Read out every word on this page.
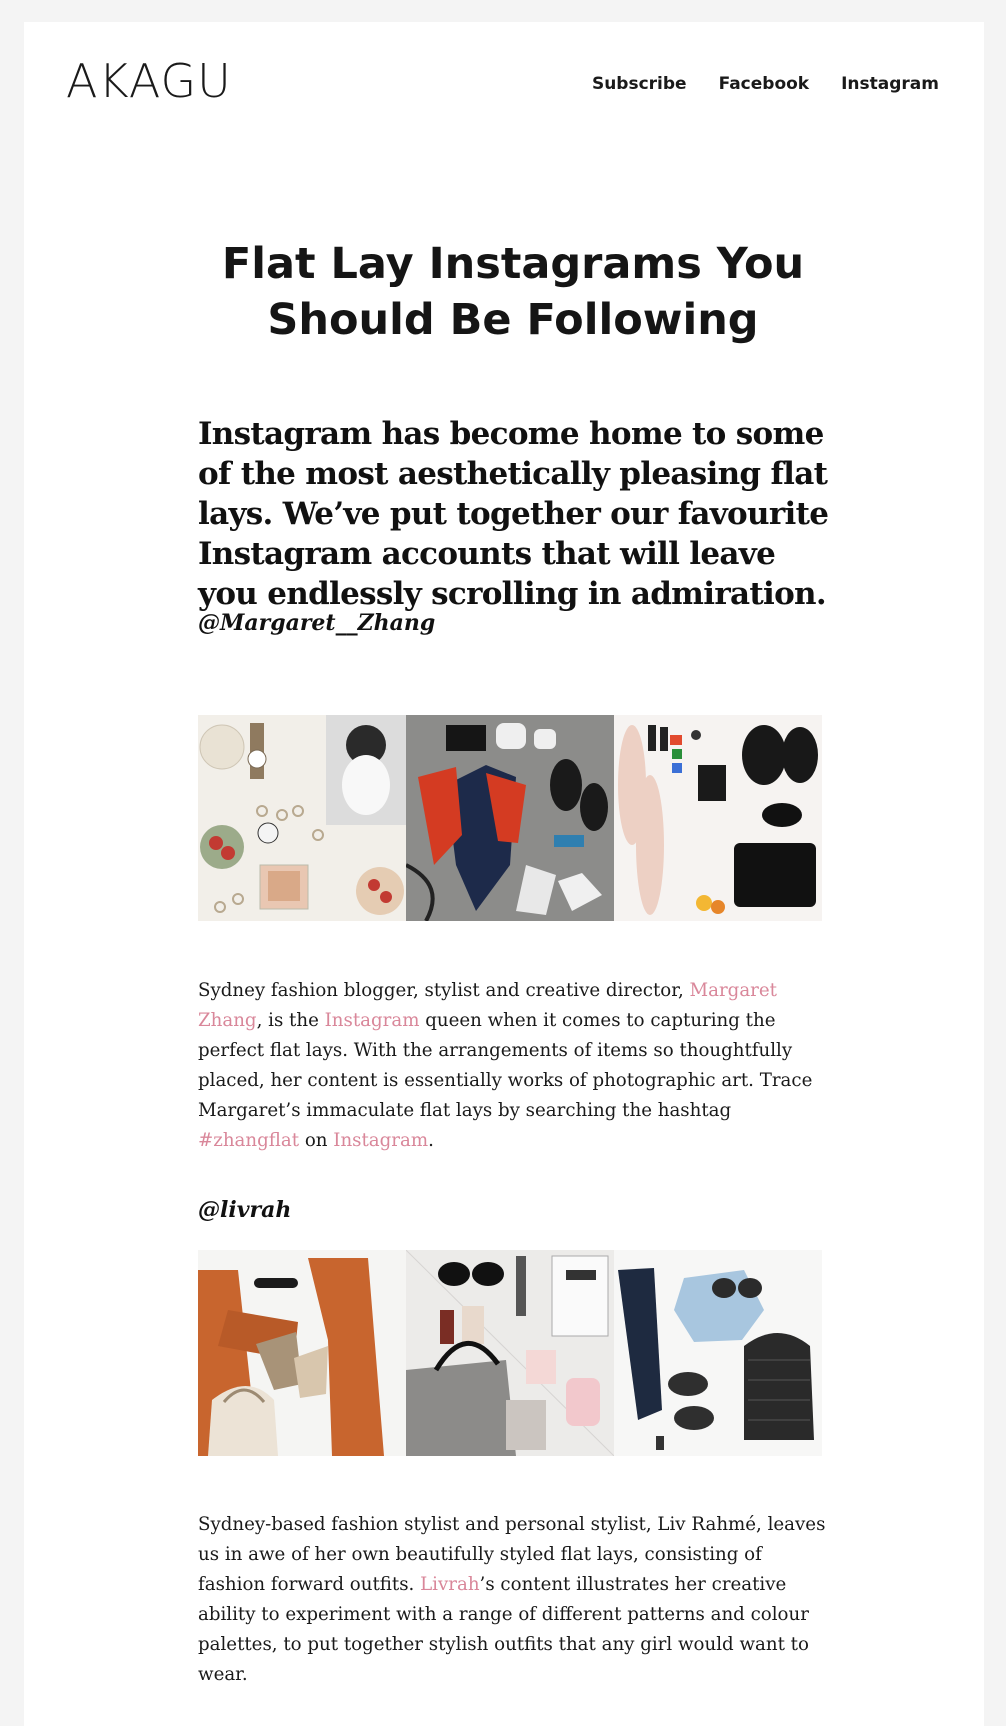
AKAGU	Subscribe Facebook Instagram
Flat Lay Instagrams You Should Be Following

Instagram has become home to some of the most aesthetically pleasing flat lays. We’ve put together our favourite Instagram accounts that will leave you endlessly scrolling in admiration.

@Margaret__Zhang

Sydney fashion blogger, stylist and creative director, Margaret Zhang, is the Instagram queen when it comes to capturing the perfect flat lays. With the arrangements of items so thoughtfully placed, her content is essentially works of photographic art. Trace Margaret’s immaculate flat lays by searching the hashtag #zhangflat on Instagram.

@livrah

Sydney-based fashion stylist and personal stylist, Liv Rahmé, leaves us in awe of her own beautifully styled flat lays, consisting of fashion forward outfits. Livrah’s content illustrates her creative ability to experiment with a range of different patterns and colour palettes, to put together stylish outfits that any girl would want to wear.
